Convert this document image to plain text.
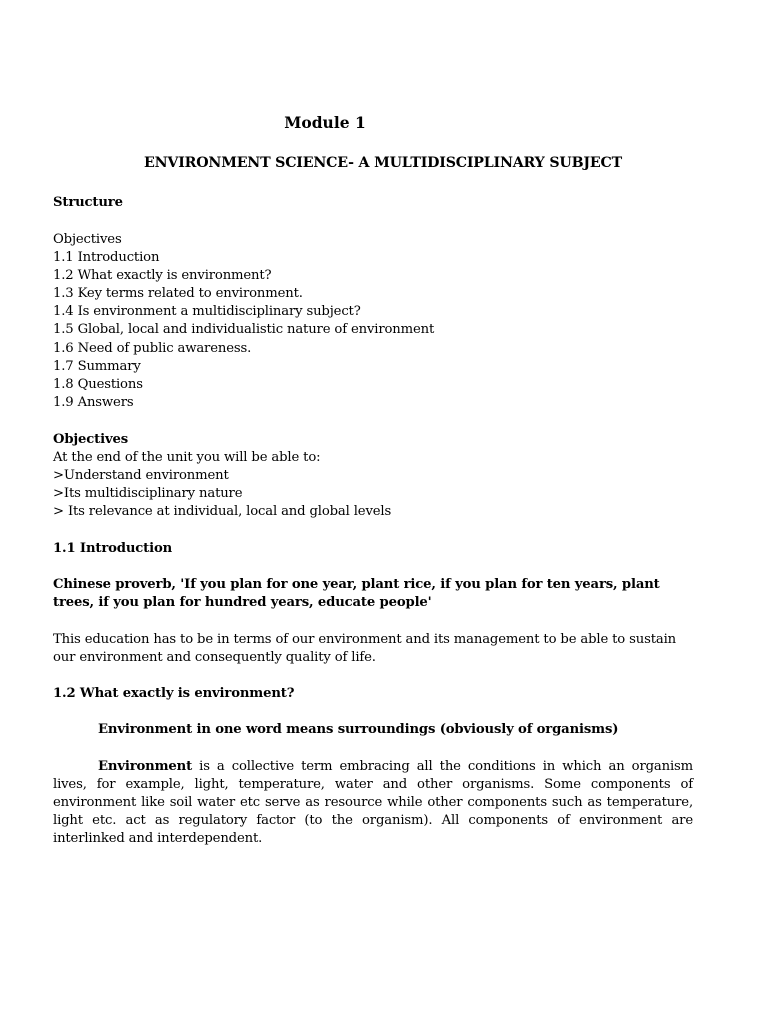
Module 1
ENVIRONMENT SCIENCE- A MULTIDISCIPLINARY SUBJECT
Structure
Objectives
1.1 Introduction
1.2 What exactly is environment?
1.3 Key terms related to environment.
1.4 Is environment a multidisciplinary subject?
1.5 Global, local and individualistic nature of environment
1.6 Need of public awareness.
1.7 Summary
1.8 Questions
1.9 Answers
Objectives
At the end of the unit you will be able to:
>Understand environment
>Its multidisciplinary nature
> Its relevance at individual, local and global levels
1.1 Introduction
Chinese proverb, 'If you plan for one year, plant rice, if you plan for ten years, plant trees, if you plan for hundred years, educate people'
This education has to be in terms of our environment and its management to be able to sustain our environment and consequently quality of life.
1.2 What exactly is environment?
Environment in one word means surroundings (obviously of organisms)
Environment is a collective term embracing all the conditions in which an organism lives, for example, light, temperature, water and other organisms. Some components of environment like soil water etc serve as resource while other components such as temperature, light etc. act as regulatory factor (to the organism). All components of environment are interlinked and interdependent.
